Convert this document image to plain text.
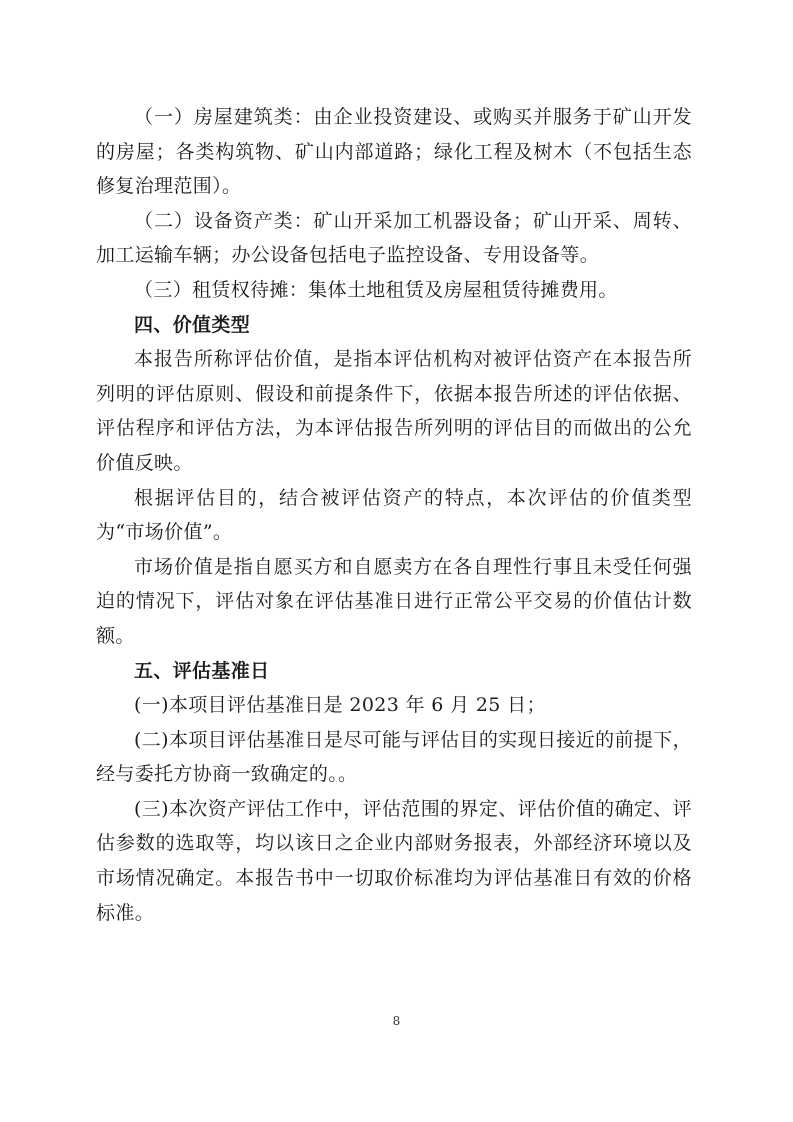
（一）房屋建筑类：由企业投资建设、或购买并服务于矿山开发的房屋；各类构筑物、矿山内部道路；绿化工程及树木（不包括生态修复治理范围）。

（二）设备资产类：矿山开采加工机器设备；矿山开采、周转、加工运输车辆；办公设备包括电子监控设备、专用设备等。

（三）租赁权待摊：集体土地租赁及房屋租赁待摊费用。

四、价值类型

本报告所称评估价值，是指本评估机构对被评估资产在本报告所列明的评估原则、假设和前提条件下，依据本报告所述的评估依据、评估程序和评估方法，为本评估报告所列明的评估目的而做出的公允价值反映。

根据评估目的，结合被评估资产的特点，本次评估的价值类型为“市场价值”。

市场价值是指自愿买方和自愿卖方在各自理性行事且未受任何强迫的情况下，评估对象在评估基准日进行正常公平交易的价值估计数额。

五、评估基准日

(一)本项目评估基准日是 2023 年 6 月 25 日；

(二)本项目评估基准日是尽可能与评估目的实现日接近的前提下，经与委托方协商一致确定的。。

(三)本次资产评估工作中，评估范围的界定、评估价值的确定、评估参数的选取等，均以该日之企业内部财务报表，外部经济环境以及市场情况确定。本报告书中一切取价标准均为评估基准日有效的价格标准。

8
